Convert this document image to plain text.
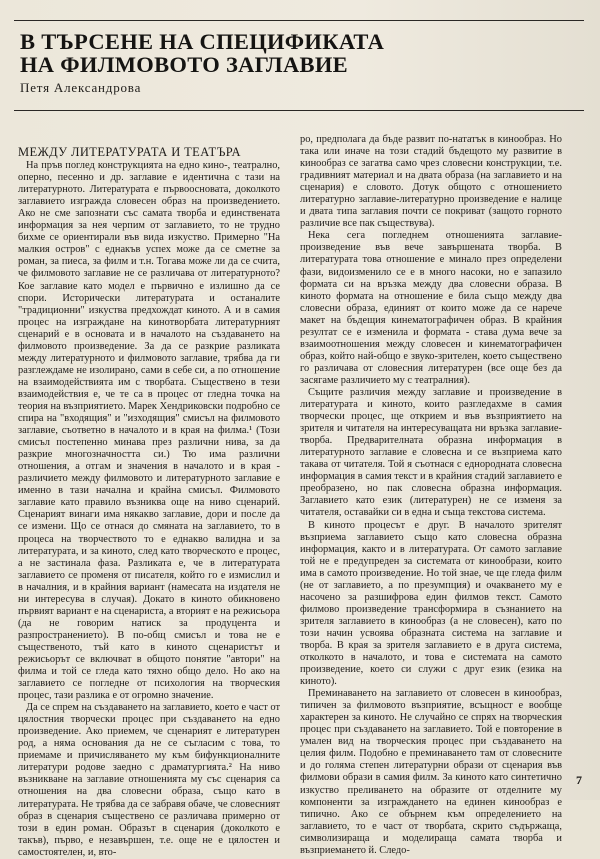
В ТЪРСЕНЕ НА СПЕЦИФИКАТА
НА ФИЛМОВОТО ЗАГЛАВИЕ
Петя Александрова
МЕЖДУ ЛИТЕРАТУРАТА И ТЕАТЪРА

На пръв поглед конструкцията на едно кино-, театрално, оперно, песенно и др. заглавие е идентична с тази на литературното. Литературата е първоосновата, доколкото заглавието изгражда словесен образ на произведението. Ако не сме запознати със самата творба и единствената информация за нея черпим от заглавието, то не трудно бихме се ориентирали във вида изкуство. Примерно "На малкия остров" с еднакъв успех може да се сметне за роман, за пиеса, за филм и т.н. Тогава може ли да се счита, че филмовото заглавие не се различава от литературното? Кое заглавие като модел е първично е излишно да се спори. Исторически литературата и останалите "традиционни" изкуства предхождат киното. А и в самия процес на изграждане на кинотворбата литературният сценарий е в основата и в началото на създаването на филмовото произведение. За да се разкрие разликата между литературното и филмовото заглавие, трябва да ги разглеждаме не изолирано, сами в себе си, а по отношение на взаимодействията им с творбата. Съществено в тези взаимодействия е, че те са в процес от гледна точка на теория на възприятието. Марек Хендриковски подробно се спира на "входящия" и "изходящия" смисъл на филмовото заглавие, съответно в началото и в края на филма.¹ (Този смисъл постепенно минава през различни нива, за да разкрие многозначността си.) Тю има различни отношения, а отгам и значения в началото и в края - различието между филмовото и литературното заглавие е именно в тази начална и крайна смисъл. Филмовото заглавие като правило възниква още на ниво сценарий. Сценарият винаги има някакво заглавие, дори и после да се измени. Що се отнася до смяната на заглавието, то в процеса на творчеството то е еднакво валидна и за литературата, и за киното, след като творческото е процес, а не застинала фаза. Разликата е, че в литературата заглавието се променя от писателя, който го е измислил и в началния, и в крайния вариант (намесата на издателя не ни интересува в случая). Докато в киното обикновено първият вариант е на сценариста, а вторият е на режисьора (да не говорим натиск за продуцента и разпространението). В по-общ смисъл и това не е същественото, тъй като в киното сценаристът и режисьорът се включват в общото понятие "автори" на филма и той се гледа като тяхно общо дело. Но ако на заглавието се погледне от психология на творческия процес, тази разлика е от огромно значение.

Да се спрем на създаването на заглавието, което е част от цялостния творчески процес при създаването на едно произведение. Ако приемем, че сценарият е литературен род, а няма основания да не се съгласим с това, то приемаме и причисляването му към бифункционалните литератури родове заедно с драматургията.² На ниво възникване на заглавие отношенията му със сценария са отношения на два словесни образа, също като в литературата. Не трябва да се забравя обаче, че словесният образ в сценария съществено се различава примерно от този в един роман. Образът в сценария (доколкото е такъв), първо, е незавършен, т.е. още не е цялостен и самостоятелен, и, вто-

ро, предполага да бъде развит по-нататък в кинообраз. Но така или иначе на този стадий бъдещото му развитие в кинообраз се загатва само чрез словесни конструкции, т.е. градивният материал и на двата образа (на заглавието и на сценария) е словото. Дотук общото с отношението литературно заглавие-литературно произведение е налице и двата типа заглавия почти се покриват (защото горното различие все пак съществува).

Нека сега погледнем отношенията заглавие-произведение във вече завършената творба. В литературата това отношение е минало през определени фази, видоизменило се е в много насоки, но е запазило формата си на връзка между два словесни образа. В киното формата на отношение е била също между два словесни образа, единият от които може да се нарече макет на бъдещия кинематографичен образ. В крайния резултат се е изменила и формата - става дума вече за взаимоотношения между словесен и кинематографичен образ, който най-общо е звуко-зрителен, което съществено го различава от словесния литературен (все още без да засягаме различието му с театралния).

Същите различия между заглавие и произведение в литературата и киното, които разгледахме в самия творчески процес, ще открием и във възприятието на зрителя и читателя на интересуващата ни връзка заглавие-творба. Предварителната образна информация в литературното заглавие е словесна и се възприема като такава от читателя. Той я съотнася с еднородната словесна информация в самия текст и в крайния стадий заглавието е преобразено, но пак словесна образна информация. Заглавието като език (литературен) не се изменя за читателя, оставайки си в една и съща текстова система.

В киното процесът е друг. В началото зрителят възприема заглавието също като словесна образна информация, както и в литературата. От самото заглавие той не е предупреден за системата от кинообрази, които има в самото произведение. Но той знае, че ще гледа филм (не от заглавието, а по презумпция) и очакването му е насочено за разшифрова един филмов текст. Самото филмово произведение трансформира в съзнанието на зрителя заглавието в кинообраз (а не словесен), като по този начин усвоява образната система на заглавие и творба. В края за зрителя заглавието е в друга система, отколкото в началото, и това е системата на самото произведение, което си служи с друг език (езика на киното).

Преминаването на заглавието от словесен в кинообраз, типичен за филмовото възприятие, всъщност е вообще характерен за киното. Не случайно се спрях на творческия процес при създаването на заглавието. Той е повторение в умален вид на творческия процес при създаването на целия филм. Подобно е преминаването там от словесните и до голяма степен литературни образи от сценария във филмови образи в самия филм. За киното като синтетично изкуство преливането на образите от отделните му компоненти за изграждането на единен кинообраз е типично. Ако се обърнем към определението на заглавието, то е част от творбата, скрито съдържаща, символизираща и моделираща самата творба и възприемането й. Следо-

7
